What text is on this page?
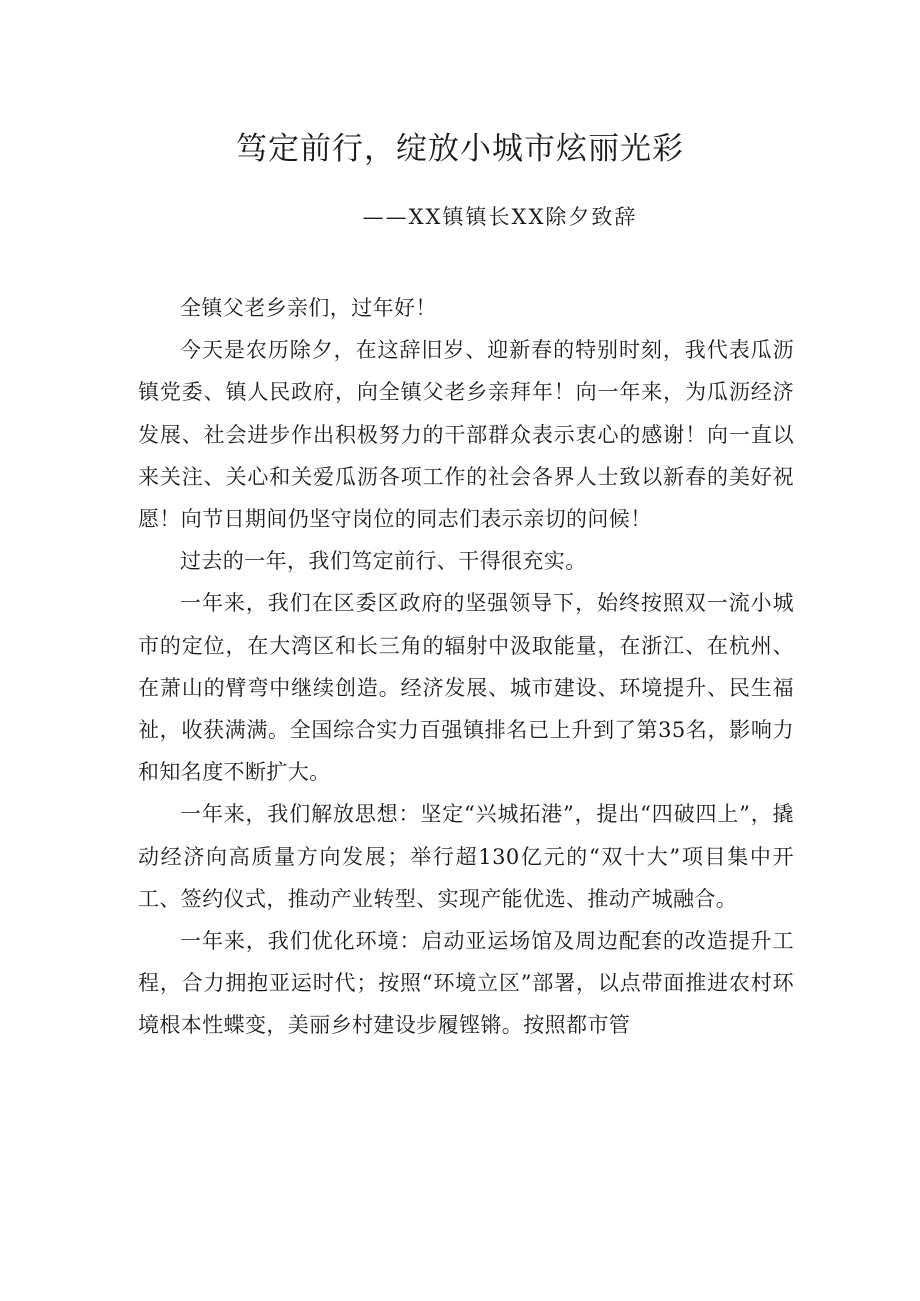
笃定前行，绽放小城市炫丽光彩
——XX镇镇长XX除夕致辞

全镇父老乡亲们，过年好！

今天是农历除夕，在这辞旧岁、迎新春的特别时刻，我代表瓜沥镇党委、镇人民政府，向全镇父老乡亲拜年！向一年来，为瓜沥经济发展、社会进步作出积极努力的干部群众表示衷心的感谢！向一直以来关注、关心和关爱瓜沥各项工作的社会各界人士致以新春的美好祝愿！向节日期间仍坚守岗位的同志们表示亲切的问候！

过去的一年，我们笃定前行、干得很充实。

一年来，我们在区委区政府的坚强领导下，始终按照双一流小城市的定位，在大湾区和长三角的辐射中汲取能量，在浙江、在杭州、在萧山的臂弯中继续创造。经济发展、城市建设、环境提升、民生福祉，收获满满。全国综合实力百强镇排名已上升到了第35名，影响力和知名度不断扩大。

一年来，我们解放思想：坚定“兴城拓港”，提出“四破四上”，撬动经济向高质量方向发展；举行超130亿元的“双十大”项目集中开工、签约仪式，推动产业转型、实现产能优选、推动产城融合。

一年来，我们优化环境：启动亚运场馆及周边配套的改造提升工程，合力拥抱亚运时代；按照“环境立区”部署，以点带面推进农村环境根本性蝶变，美丽乡村建设步履铿锵。按照都市管
